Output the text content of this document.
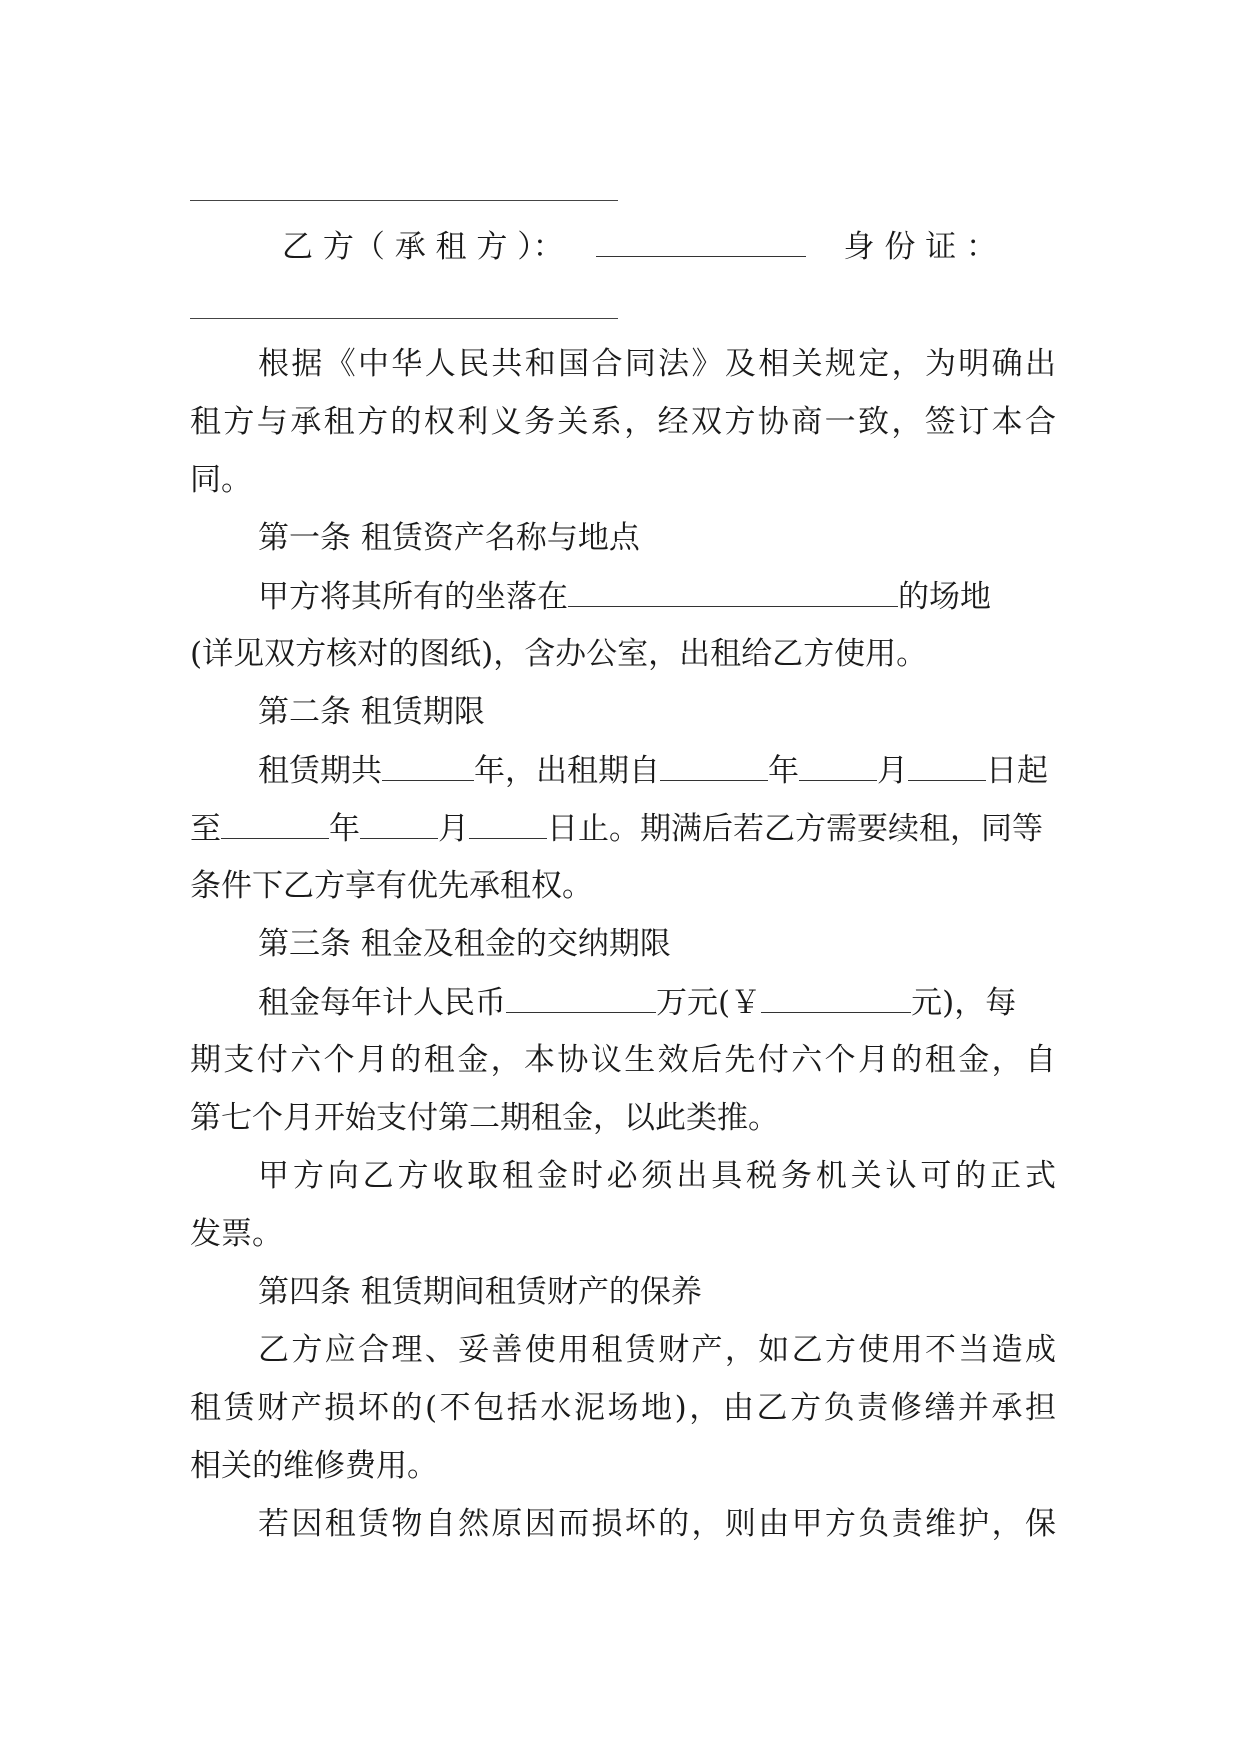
乙 方（ 承 租 方 ）：	身 份 证 ：
根据《中华人民共和国合同法》及相关规定，为明确出
租方与承租方的权利义务关系，经双方协商一致，签订本合
同。
第一条 租赁资产名称与地点
甲方将其所有的坐落在	的场地
(详见双方核对的图纸)，含办公室，出租给乙方使用。
第二条 租赁期限
租赁期共	年，出租期自	年	月	日起
至	年	月	日止。期满后若乙方需要续租，同等
条件下乙方享有优先承租权。
第三条 租金及租金的交纳期限
租金每年计人民币	万元(￥	元)，每
期支付六个月的租金，本协议生效后先付六个月的租金，自
第七个月开始支付第二期租金，以此类推。
甲方向乙方收取租金时必须出具税务机关认可的正式
发票。
第四条 租赁期间租赁财产的保养
乙方应合理、妥善使用租赁财产，如乙方使用不当造成
租赁财产损坏的(不包括水泥场地)，由乙方负责修缮并承担
相关的维修费用。
若因租赁物自然原因而损坏的，则由甲方负责维护，保
